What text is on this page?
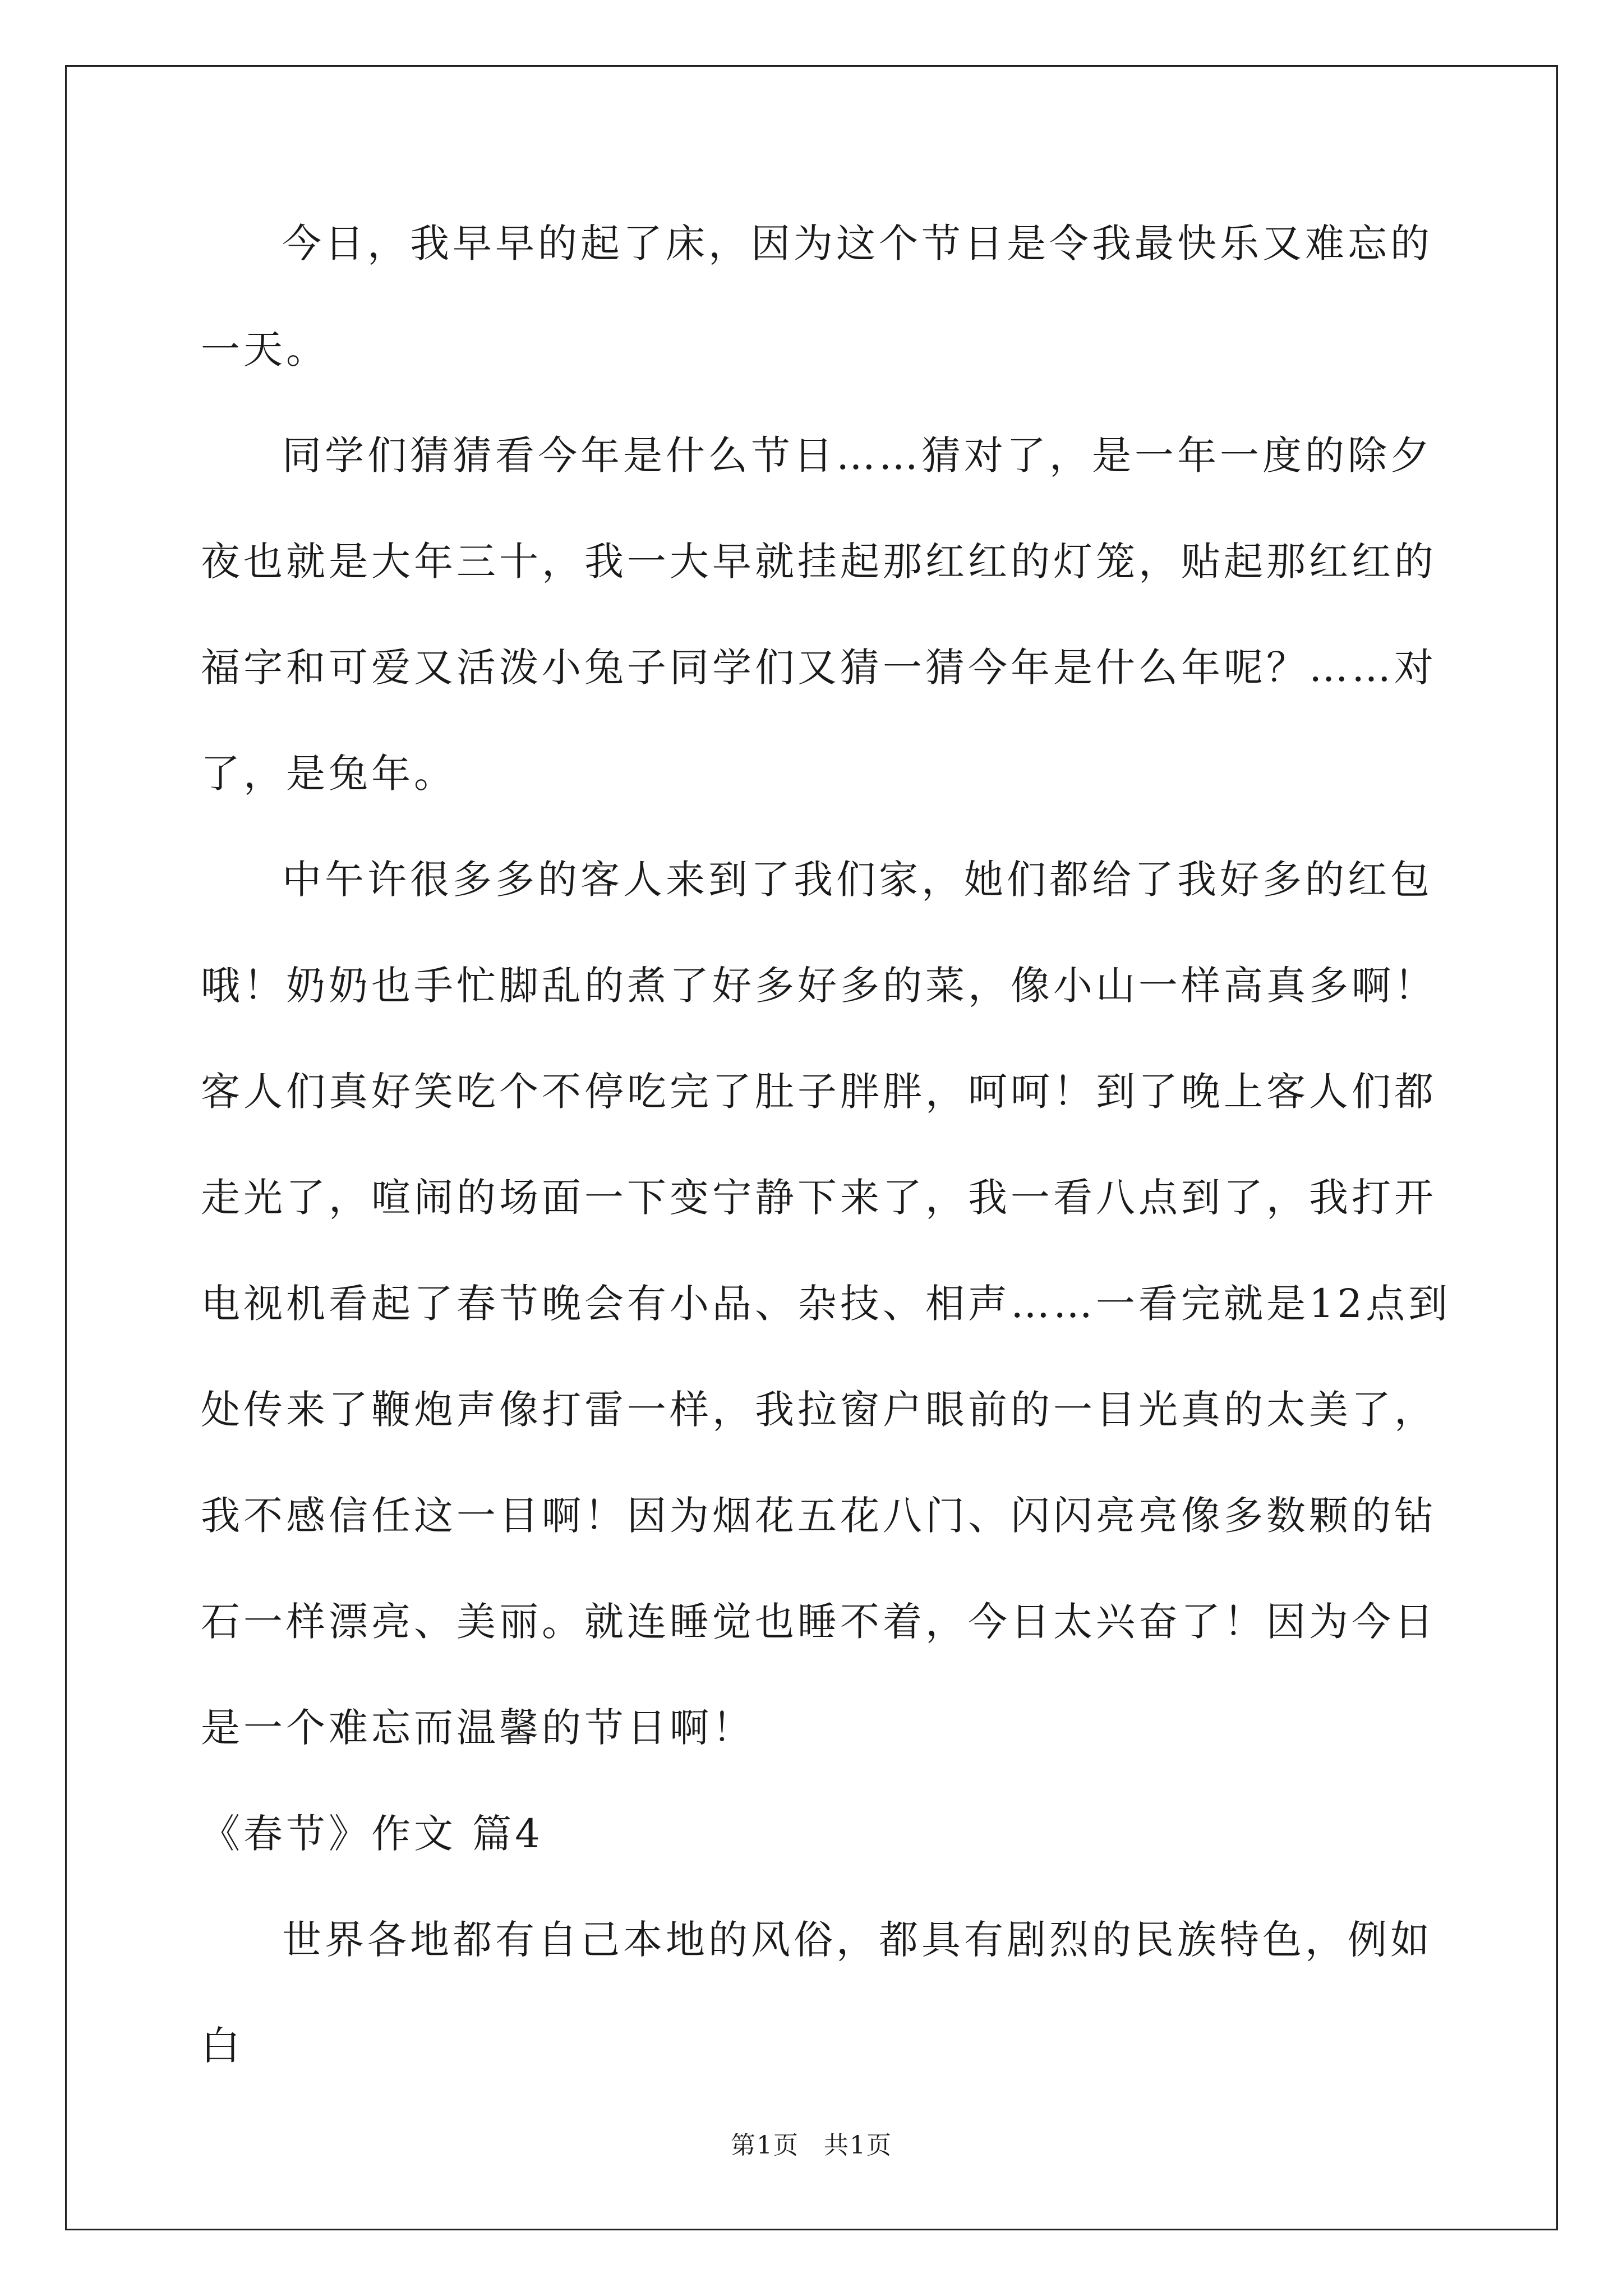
今日，我早早的起了床，因为这个节日是令我最快乐又难忘的一天。

同学们猜猜看今年是什么节日……猜对了，是一年一度的除夕夜也就是大年三十，我一大早就挂起那红红的灯笼，贴起那红红的福字和可爱又活泼小兔子同学们又猜一猜今年是什么年呢？……对了，是兔年。

中午许很多多的客人来到了我们家，她们都给了我好多的红包哦！奶奶也手忙脚乱的煮了好多好多的菜，像小山一样高真多啊！客人们真好笑吃个不停吃完了肚子胖胖，呵呵！到了晚上客人们都走光了，喧闹的场面一下变宁静下来了，我一看八点到了，我打开电视机看起了春节晚会有小品、杂技、相声……一看完就是12点到处传来了鞭炮声像打雷一样，我拉窗户眼前的一目光真的太美了，我不感信任这一目啊！因为烟花五花八门、闪闪亮亮像多数颗的钻石一样漂亮、美丽。就连睡觉也睡不着，今日太兴奋了！因为今日是一个难忘而温馨的节日啊！

《春节》作文 篇4

世界各地都有自己本地的风俗，都具有剧烈的民族特色，例如白

第1页 共1页
